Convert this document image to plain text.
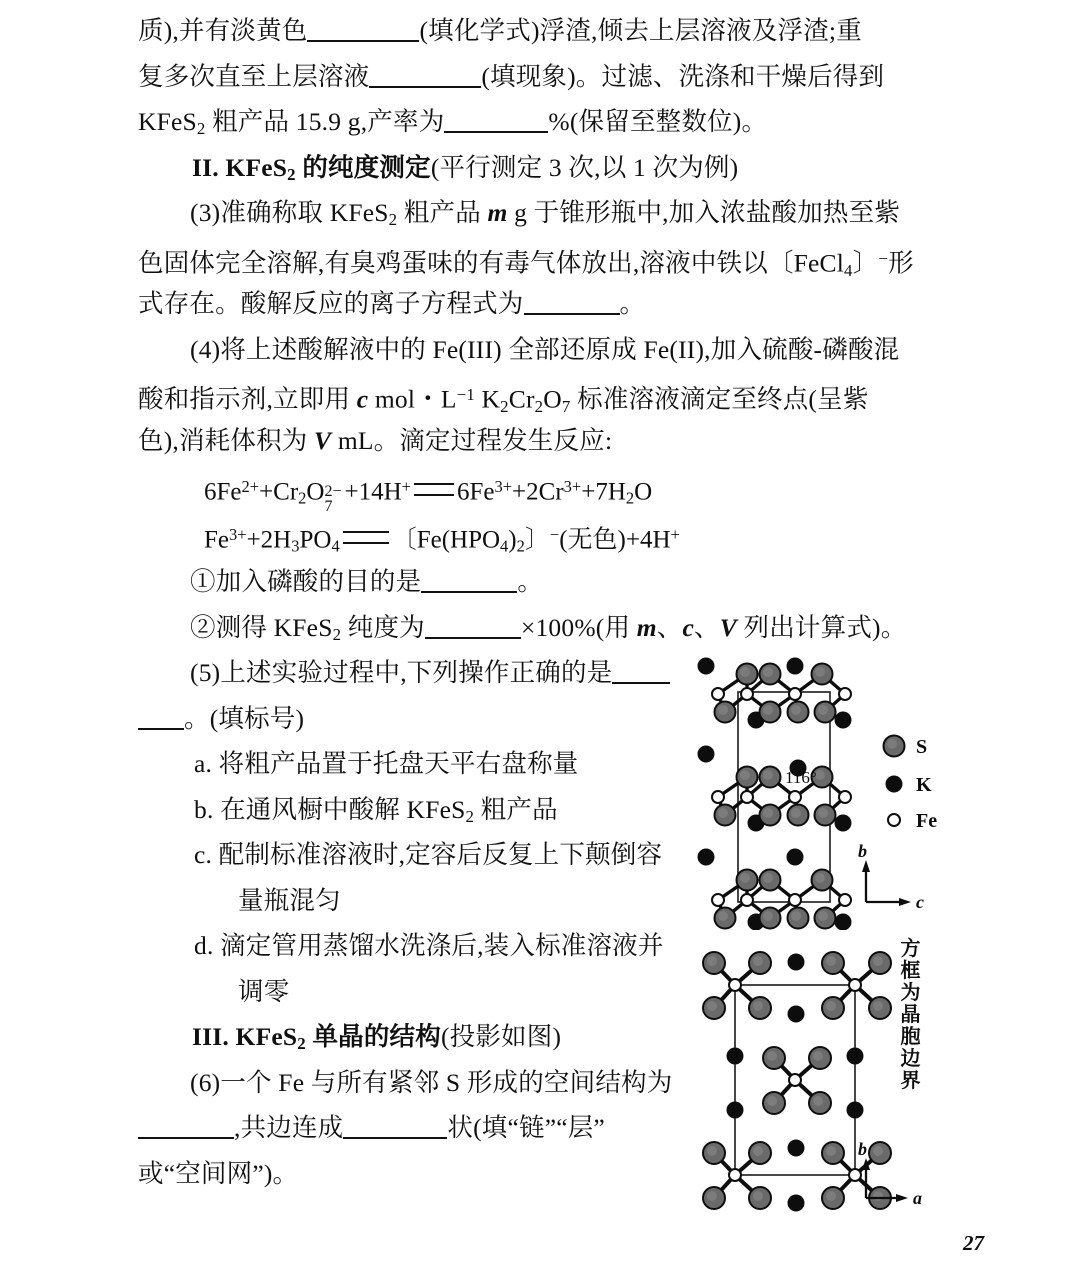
质),并有淡黄色	(填化学式)浮渣,倾去上层溶液及浮渣;重
复多次直至上层溶液	(填现象)。过滤、洗涤和干燥后得到
KFeS$_2$ 粗产品 15.9 g,产率为	%(保留至整数位)。
II. KFeS$_2$ 的纯度测定(平行测定 3 次,以 1 次为例)
(3)准确称取 KFeS$_2$ 粗产品 m g 于锥形瓶中,加入浓盐酸加热至紫
色固体完全溶解,有臭鸡蛋味的有毒气体放出,溶液中铁以〔FeCl$_4$〕−形
式存在。酸解反应的离子方程式为	。
(4)将上述酸解液中的 Fe(III) 全部还原成 Fe(II),加入硫酸-磷酸混
酸和指示剂,立即用 c mol・$L^{-1}$ $K_2Cr_2O_7$ 标准溶液滴定至终点(呈紫
色),消耗体积为 V mL。滴定过程发生反应:
$6Fe^{2+}+Cr_2O$ 2−
7
+14H+ $6Fe^{3+}+2Cr^{3+}+7H_2O$
$Fe^{3+}+2H_3PO_4$ 〔$Fe(HPO_4)_2$〕−(无色)+4H+
①加入磷酸的目的是	。
②测得 KFeS$_2$ 纯度为	×100%(用 m、c、V 列出计算式)。
(5)上述实验过程中,下列操作正确的是
。(填标号)
a. 将粗产品置于托盘天平右盘称量
b. 在通风橱中酸解 KFeS$_2$ 粗产品
c. 配制标准溶液时,定容后反复上下颠倒容
量瓶混匀
d. 滴定管用蒸馏水洗涤后,装入标准溶液并
调零
III. KFeS$_2$ 单晶的结构(投影如图)
(6)一个 Fe 与所有紧邻 S 形成的空间结构为
,共边连成	状(填“链”“层”
或“空间网”)。
116°
S
K
Fe
b
c
b
a
方
框
为
晶
胞
边
界
27
